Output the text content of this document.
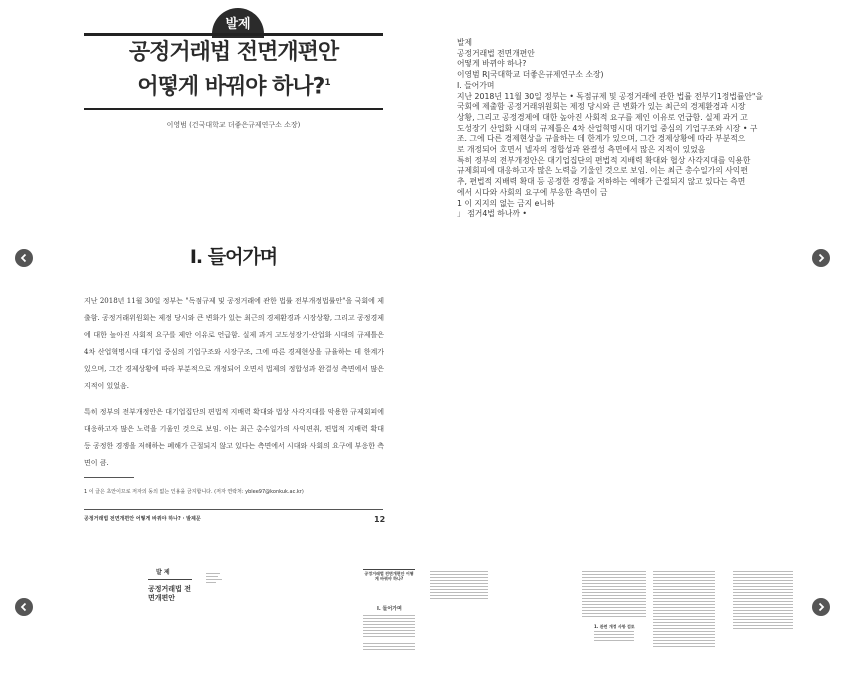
발제
공정거래법 전면개편안
어떻게 바꿔야 하나?$^1$
이영범 (건국대학교 더좋은규제연구소 소장)
I. 들어가며
지난 2018년 11월 30일 정부는 "독점규제 및 공정거래에 관한 법률 전부개정법률안"을 국회에 제출함. 공정거래위원회는 제정 당시와 큰 변화가 있는 최근의 경제환경과 시장상황, 그리고 공정경제에 대한 높아진 사회적 요구를 제안 이유로 언급함. 실제 과거 고도성장기·산업화 시대의 규제틀은 4차 산업혁명시대 대기업 중심의 기업구조와 시장구조, 그에 따른 경제현상을 규율하는 데 한계가 있으며, 그간 경제상황에 따라 부분적으로 개정되어 오면서 법제의 정합성과 완결성 측면에서 많은 지적이 있었음.
특히 정부의 전부개정안은 대기업집단의 편법적 지배력 확대와 법상 사각지대를 악용한 규제회피에 대응하고자 많은 노력을 기울인 것으로 보임. 이는 최근 총수일가의 사익편취, 편법적 지배력 확대 등 공정한 경쟁을 저해하는 폐해가 근절되지 않고 있다는 측면에서 시대와 사회의 요구에 부응한 측면이 큼.
1 이 글은 초안이므로 저자의 동의 없는 인용을 금지합니다. (저자 연락처: yblee97@konkuk.ac.kr)
공정거래법 전면개편안 어떻게 바꿔야 하나? · 발제문	12
발제
공정거래법 전면개편안
어떻게 바뀌야 하나?
이영범 R|국대학교 더좋은규제연구소 소장)
I. 들어가며
지난 2018년 11월 30일 정부는 • 독점규제 및 공정거래에 관한 법률 전부기1정법률안"을
국회에 제출함 공정거래위원회는 제정 당시와 큰 변화가 있는 최근의 경제환경과 시장
상황, 그리고 공정경제에 대한 높아진 사회적 요구를 제인 이유로 언급함. 실제 과거 고
도성장기 산업화 시대의 규제틀은 4차 산업혁명시대 대기업 중심의 기업구조와 시장 • 구
조. 그에 다른 경제현상을 규율하는 데 한계가 있으며, 그간 경제상황에 따라 부분적으
로 개정되어 호면서 넬자의 정합성과 완결성 측면에서 많은 지적이 있었음
특히 정부의 전부개정안은 대기업집단의 편법적 지배력 확대와 협상 사각지대를 익용한
규제회피에 대응하고자 많은 노력을 기울인 것으로 보임. 이는 최근 총수일가의 사익편
추, 편법적 지배력 확대 등 공정한 경쟁을 저하하는 예해가 근절되지 않고 있다는 측면
에서 시다와 사회의 요구에 부응한 측면이 금
1 이 지지의 없는 금지 e니하
」 점거4법 하나까 •
발 제
공정거래법 전면개편안
공정거래법 전면개편안 어떻게 바꿔야 하나?
I. 들어가며
1. 관련 개정 사항 검토
